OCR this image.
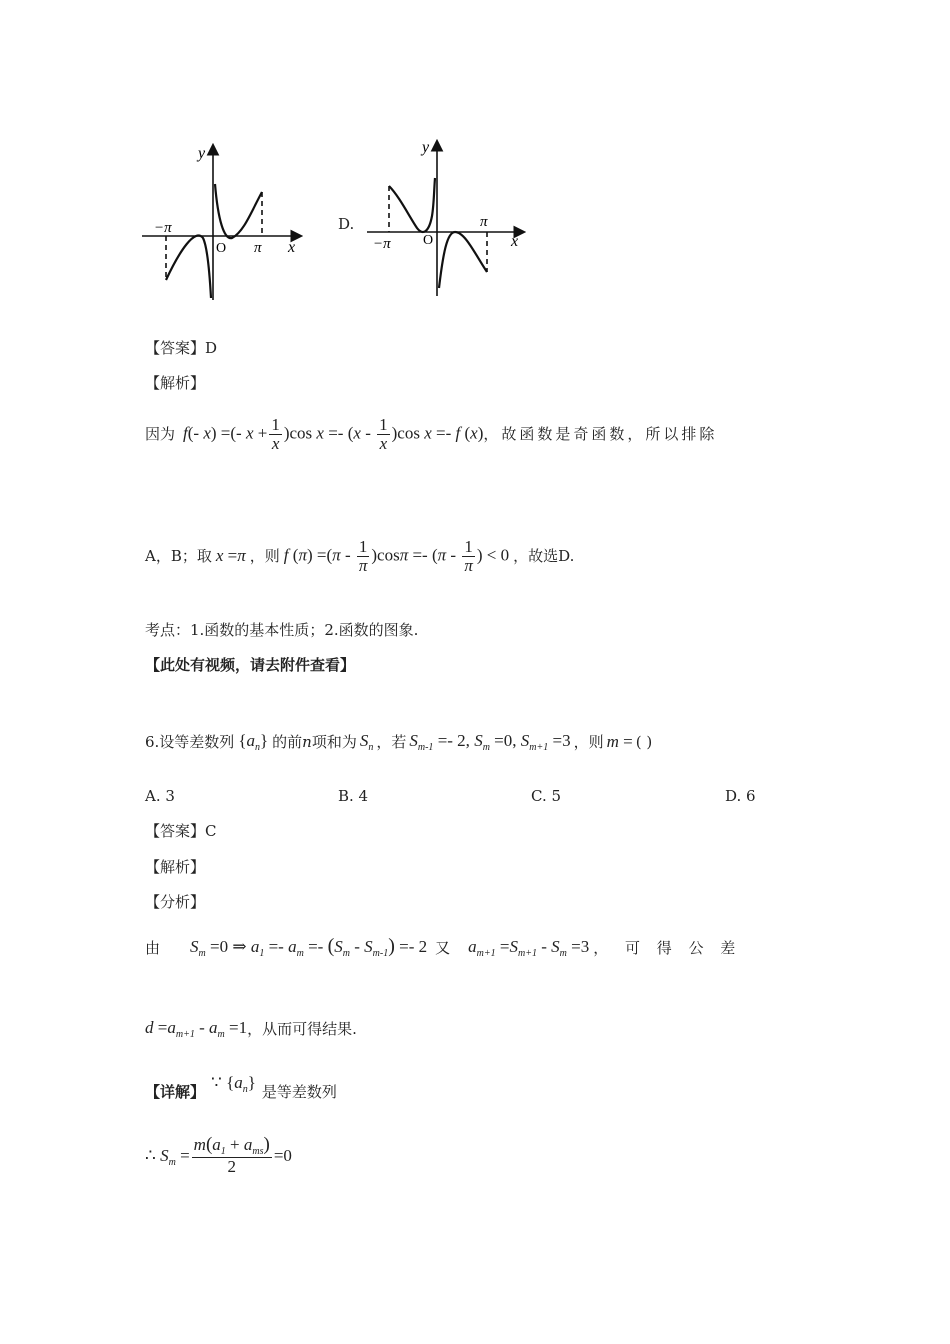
y
x
O
−π
π
D.
y
x
O
−π
π
【答案】D
【解析】
因为 f(- x) =(- $x + \frac{1}{x} )\cos$ $x =- (x - \frac{1}{x} )\cos$ x =- f (x) ，故函数是奇函数，所以排除
A，B；取 x =π ，则 f $(\pi) =(\pi - \frac{1}{\pi} )\cos\pi =- (\pi - \frac{1}{\pi}$ ) < 0 ，故选D.
考点：1.函数的基本性质；2.函数的图象.
【此处有视频，请去附件查看】
6.设等差数列 $\{a_n\}$ 的前 n 项和为 $S_n$ ，若 $S_{m-1} =- 2$, $S_m =0$, $S_{m+1} =3$ ，则 m = ( )
A. 3	B. 4	C. 5	D. 6
【答案】C
【解析】
【分析】
由 $S_m =0$ ⇒ $a_1 =- a_m =- (S_m - S_{m-1}) =- 2$ 又 $a_{m+1} =S_{m+1} - S_m =3$ ， 可 得 公 差
$d =a_{m+1} - a_m =1$ ，从而可得结果.
【详解】
∵ $\{a_n\}$
是等差数列
∴ $S_m = \frac{m(a_1 + a_{ms})}{2} =0$
